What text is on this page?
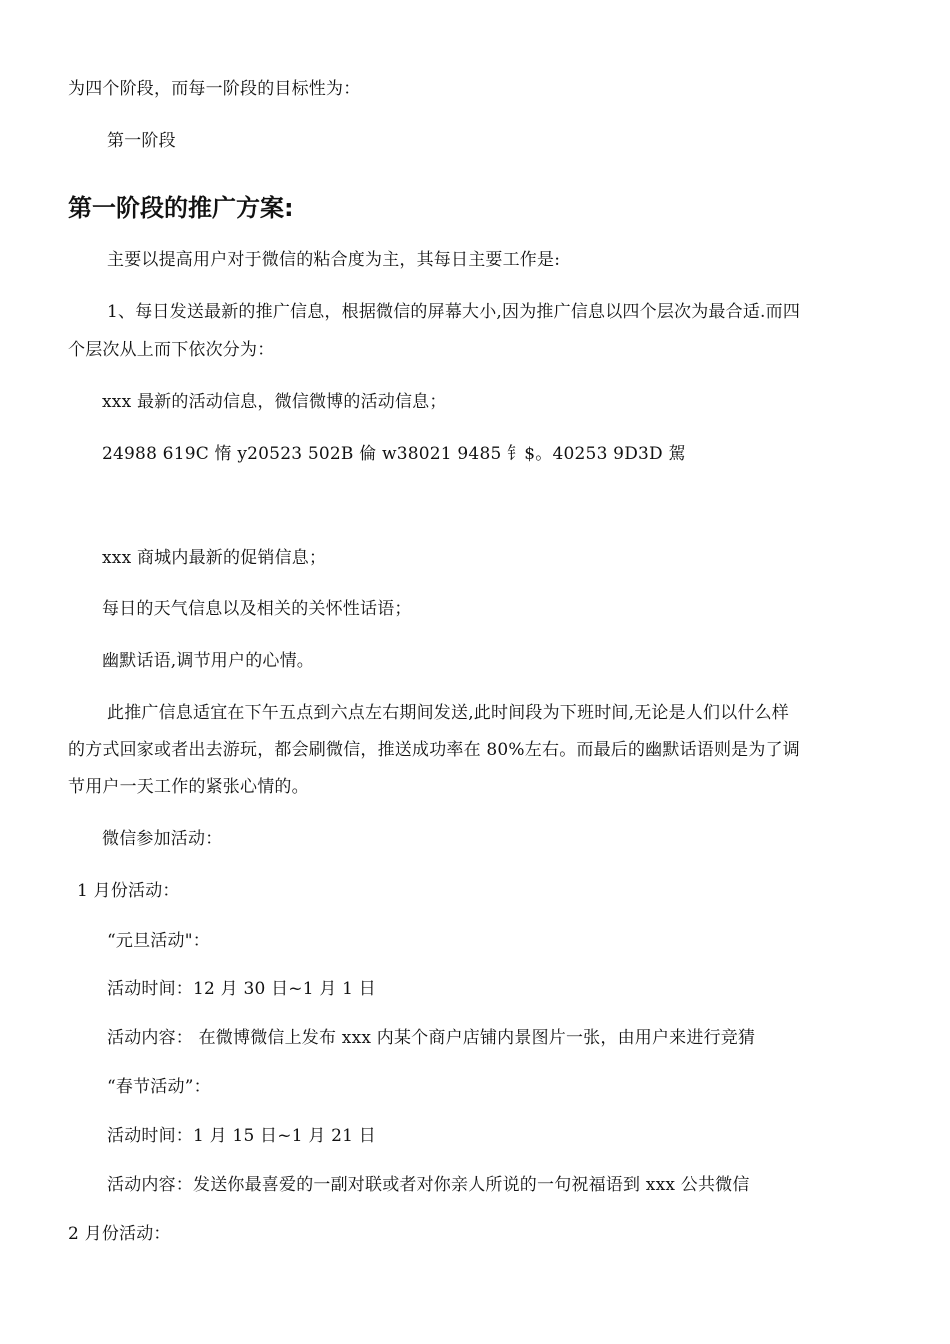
为四个阶段，而每一阶段的目标性为：
第一阶段
第一阶段的推广方案:
主要以提高用户对于微信的粘合度为主，其每日主要工作是:
1、每日发送最新的推广信息，根据微信的屏幕大小,因为推广信息以四个层次为最合适.而四
个层次从上而下依次分为：
xxx 最新的活动信息，微信微博的活动信息；
24988 619C 惰 y20523 502B 倫 w38021 9485 钅$。40253 9D3D 駕
xxx 商城内最新的促销信息；
每日的天气信息以及相关的关怀性话语；
幽默话语,调节用户的心情。
此推广信息适宜在下午五点到六点左右期间发送,此时间段为下班时间,无论是人们以什么样
的方式回家或者出去游玩，都会刷微信，推送成功率在 80%左右。而最后的幽默话语则是为了调
节用户一天工作的紧张心情的。
微信参加活动：
1 月份活动：
“元旦活动"：
活动时间：12 月 30 日~1 月 1 日
活动内容： 在微博微信上发布 xxx 内某个商户店铺内景图片一张，由用户来进行竞猜
“春节活动”：
活动时间：1 月 15 日~1 月 21 日
活动内容：发送你最喜爱的一副对联或者对你亲人所说的一句祝福语到 xxx 公共微信
2 月份活动：
